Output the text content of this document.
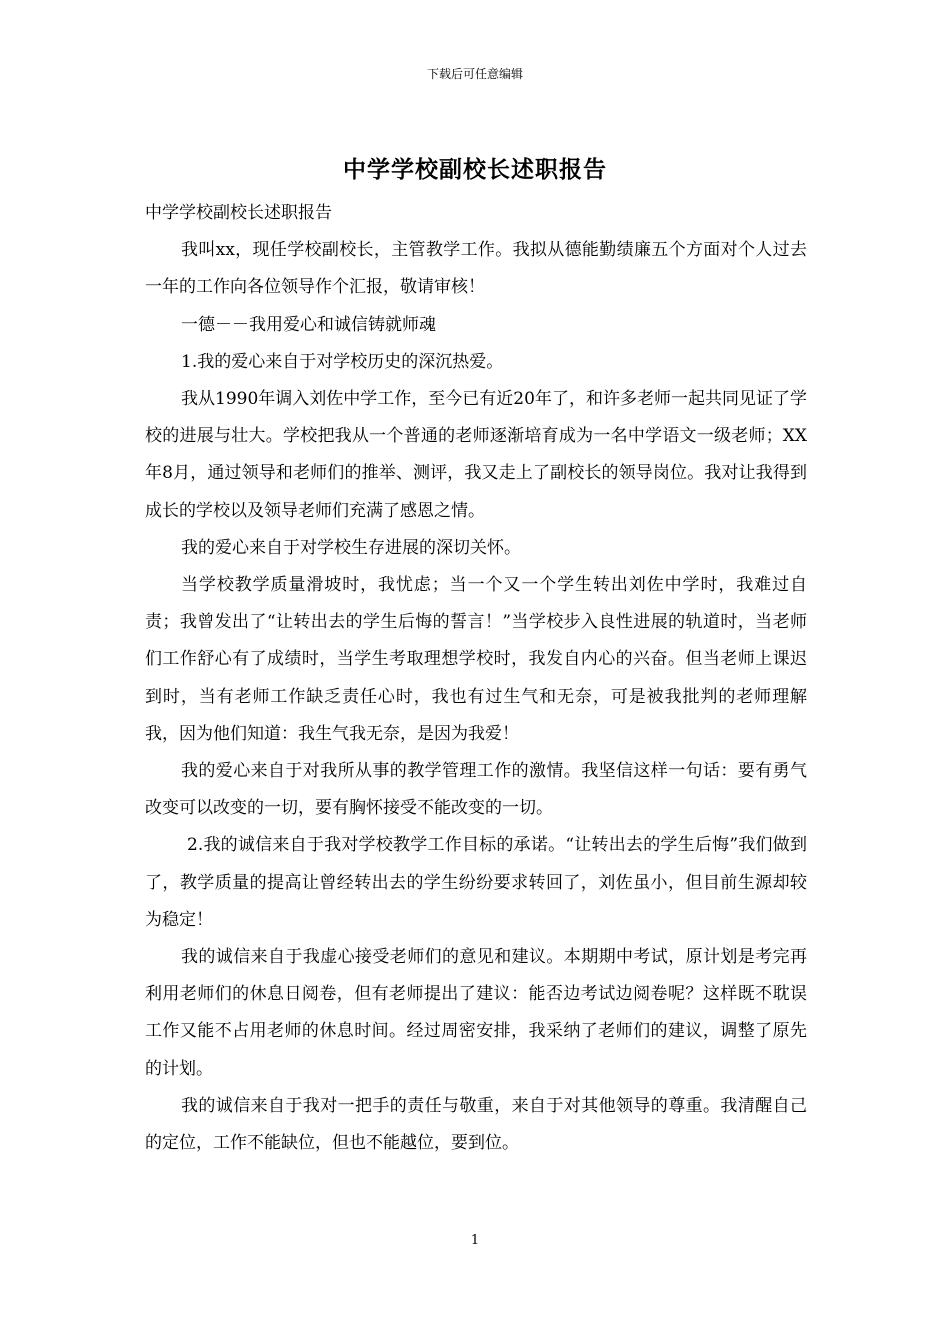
下载后可任意编辑
中学学校副校长述职报告

中学学校副校长述职报告

我叫xx，现任学校副校长，主管教学工作。我拟从德能勤绩廉五个方面对个人过去一年的工作向各位领导作个汇报，敬请审核！

一德－－我用爱心和诚信铸就师魂

1.我的爱心来自于对学校历史的深沉热爱。

我从1990年调入刘佐中学工作，至今已有近20年了，和许多老师一起共同见证了学校的进展与壮大。学校把我从一个普通的老师逐渐培育成为一名中学语文一级老师；XX年8月，通过领导和老师们的推举、测评，我又走上了副校长的领导岗位。我对让我得到成长的学校以及领导老师们充满了感恩之情。

我的爱心来自于对学校生存进展的深切关怀。

当学校教学质量滑坡时，我忧虑；当一个又一个学生转出刘佐中学时，我难过自责；我曾发出了“让转出去的学生后悔的誓言！”当学校步入良性进展的轨道时，当老师们工作舒心有了成绩时，当学生考取理想学校时，我发自内心的兴奋。但当老师上课迟到时，当有老师工作缺乏责任心时，我也有过生气和无奈，可是被我批判的老师理解我，因为他们知道：我生气我无奈，是因为我爱！

我的爱心来自于对我所从事的教学管理工作的激情。我坚信这样一句话：要有勇气改变可以改变的一切，要有胸怀接受不能改变的一切。

2.我的诚信来自于我对学校教学工作目标的承诺。“让转出去的学生后悔”我们做到了，教学质量的提高让曾经转出去的学生纷纷要求转回了，刘佐虽小，但目前生源却较为稳定！

我的诚信来自于我虚心接受老师们的意见和建议。本期期中考试，原计划是考完再利用老师们的休息日阅卷，但有老师提出了建议：能否边考试边阅卷呢？这样既不耽误工作又能不占用老师的休息时间。经过周密安排，我采纳了老师们的建议，调整了原先的计划。

我的诚信来自于我对一把手的责任与敬重，来自于对其他领导的尊重。我清醒自己的定位，工作不能缺位，但也不能越位，要到位。

1
